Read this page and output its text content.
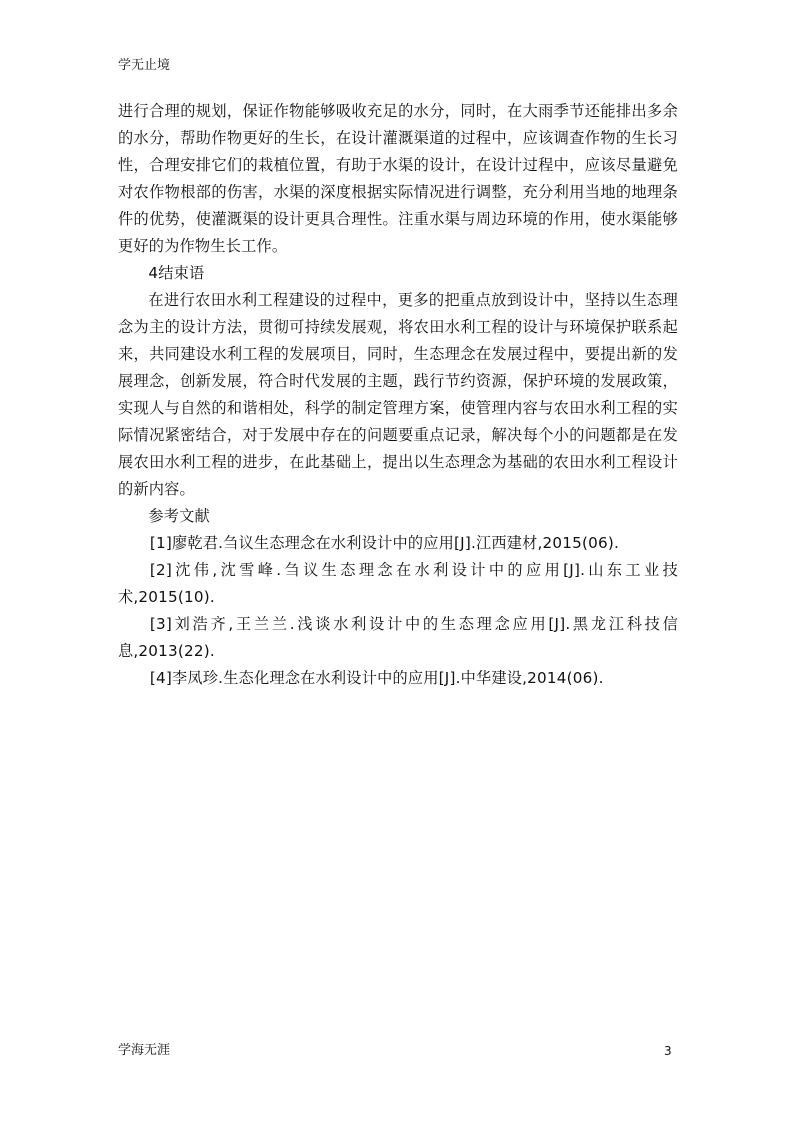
学无止境

进行合理的规划，保证作物能够吸收充足的水分，同时，在大雨季节还能排出多余的水分，帮助作物更好的生长，在设计灌溉渠道的过程中，应该调查作物的生长习性，合理安排它们的栽植位置，有助于水渠的设计，在设计过程中，应该尽量避免对农作物根部的伤害，水渠的深度根据实际情况进行调整，充分利用当地的地理条件的优势，使灌溉渠的设计更具合理性。注重水渠与周边环境的作用，使水渠能够更好的为作物生长工作。

4结束语

在进行农田水利工程建设的过程中，更多的把重点放到设计中，坚持以生态理念为主的设计方法，贯彻可持续发展观，将农田水利工程的设计与环境保护联系起来，共同建设水利工程的发展项目，同时，生态理念在发展过程中，要提出新的发展理念，创新发展，符合时代发展的主题，践行节约资源，保护环境的发展政策，实现人与自然的和谐相处，科学的制定管理方案，使管理内容与农田水利工程的实际情况紧密结合，对于发展中存在的问题要重点记录，解决每个小的问题都是在发展农田水利工程的进步，在此基础上，提出以生态理念为基础的农田水利工程设计的新内容。

参考文献

[1]廖乾君.刍议生态理念在水利设计中的应用[J].江西建材,2015(06).

[2]沈伟,沈雪峰.刍议生态理念在水利设计中的应用[J].山东工业技术,2015(10).

[3]刘浩齐,王兰兰.浅谈水利设计中的生态理念应用[J].黑龙江科技信息,2013(22).

[4]李凤珍.生态化理念在水利设计中的应用[J].中华建设,2014(06).

学海无涯	3
